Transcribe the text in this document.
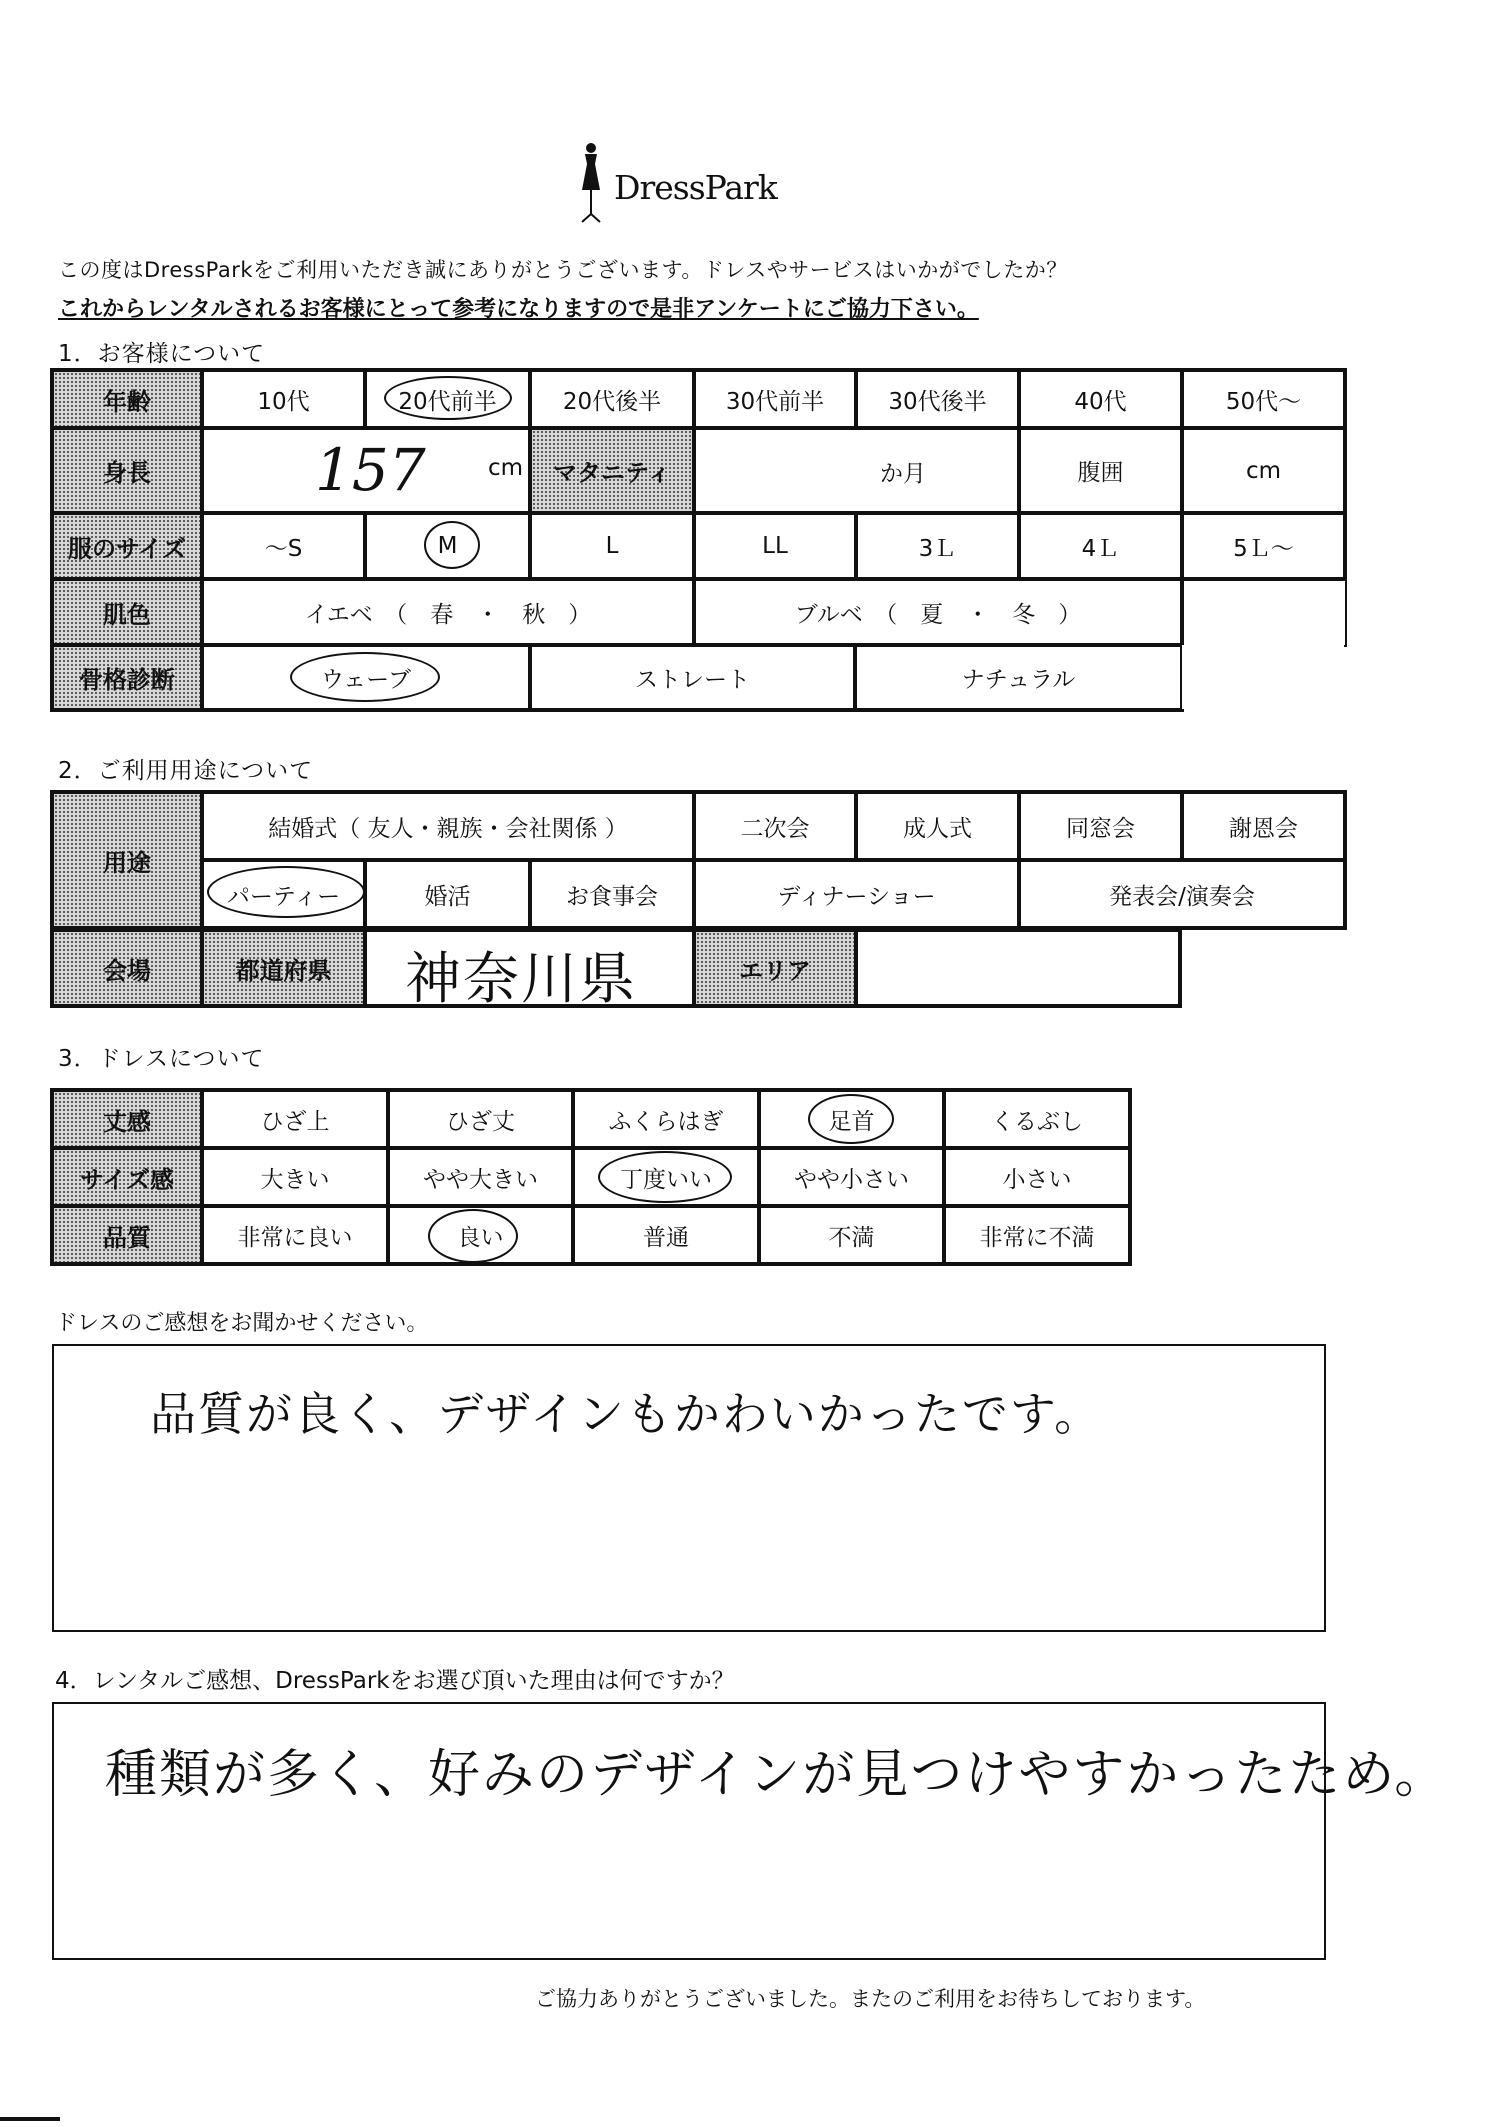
DressPark
この度はDressParkをご利用いただき誠にありがとうございます。ドレスやサービスはいかがでしたか？
これからレンタルされるお客様にとって参考になりますので是非アンケートにご協力下さい。
1．お客様について
年齢	10代	20代前半	20代後半	30代前半	30代後半	40代	50代～
身長	157	cm	マタニティ	か月	腹囲	cm
服のサイズ	～S	M	L	LL	3Ｌ	4Ｌ	5Ｌ～
肌色	イエベ　（　春　・　秋　）	ブルベ　（　夏　・　冬　）
骨格診断	ウェーブ	ストレート	ナチュラル
2．ご利用用途について
用途
結婚式（ 友人・親族・会社関係 ）	二次会	成人式	同窓会	謝恩会
パーティー	婚活	お食事会	ディナーショー	発表会/演奏会
会場	都道府県	神奈川県	エリア
3．ドレスについて
丈感	ひざ上	ひざ丈	ふくらはぎ	足首	くるぶし
サイズ感	大きい	やや大きい	丁度いい	やや小さい	小さい
品質	非常に良い	良い	普通	不満	非常に不満
ドレスのご感想をお聞かせください。
品質が良く、デザインもかわいかったです。
4．レンタルご感想、DressParkをお選び頂いた理由は何ですか？
種類が多く、好みのデザインが見つけやすかったため。
ご協力ありがとうございました。またのご利用をお待ちしております。
